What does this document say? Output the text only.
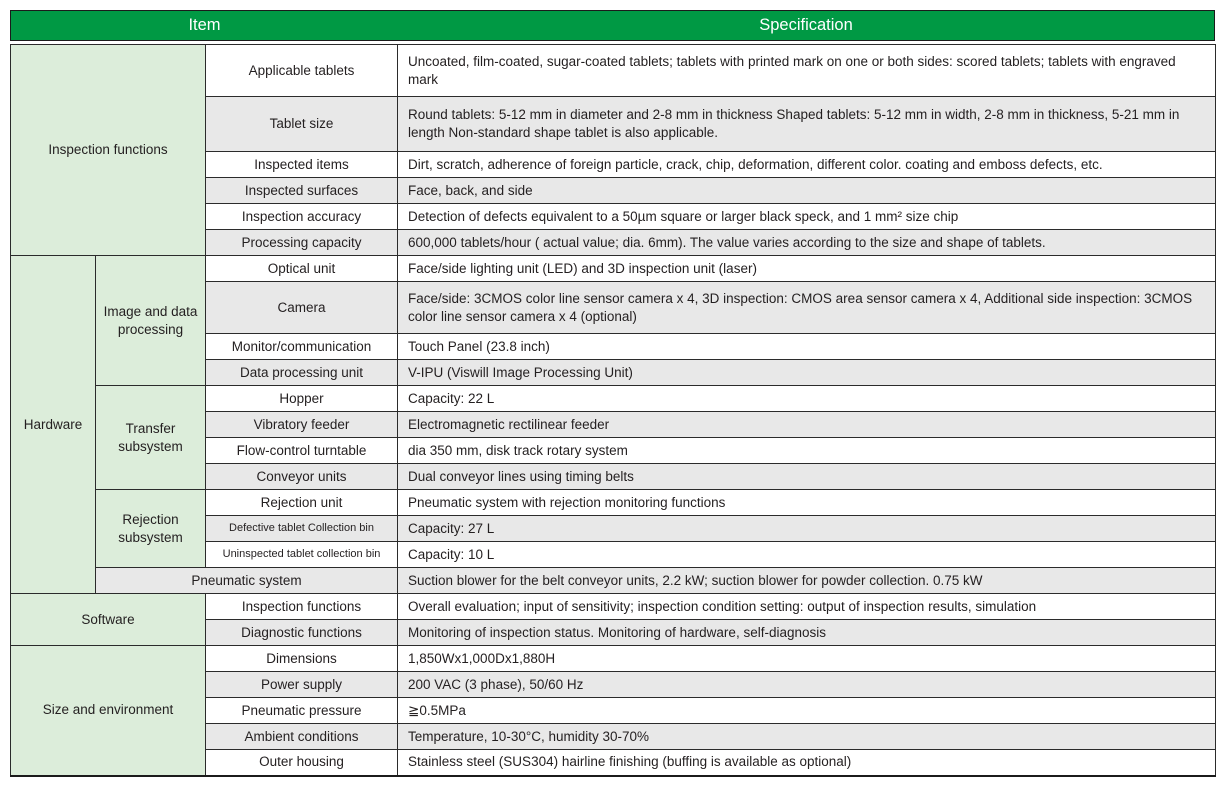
Item	Specification
Inspection functions		Applicable tablets	Uncoated, film-coated, sugar-coated tablets; tablets with printed mark on one or both sides: scored tablets; tablets with engraved mark
		Tablet size	Round tablets: 5-12 mm in diameter and 2-8 mm in thickness Shaped tablets: 5-12 mm in width, 2-8 mm in thickness, 5-21 mm in length Non-standard shape tablet is also applicable.
		Inspected items	Dirt, scratch, adherence of foreign particle, crack, chip, deformation, different color. coating and emboss defects, etc.
		Inspected surfaces	Face, back, and side
		Inspection accuracy	Detection of defects equivalent to a 50µm square or larger black speck, and 1 mm² size chip
		Processing capacity	600,000 tablets/hour ( actual value; dia. 6mm). The value varies according to the size and shape of tablets.
Hardware	Image and data processing	Optical unit	Face/side lighting unit (LED) and 3D inspection unit (laser)
		Camera	Face/side: 3CMOS color line sensor camera x 4, 3D inspection: CMOS area sensor camera x 4, Additional side inspection: 3CMOS color line sensor camera x 4 (optional)
		Monitor/communication	Touch Panel (23.8 inch)
		Data processing unit	V-IPU (Viswill Image Processing Unit)
	Transfer subsystem	Hopper	Capacity: 22 L
		Vibratory feeder	Electromagnetic rectilinear feeder
		Flow-control turntable	dia 350 mm, disk track rotary system
		Conveyor units	Dual conveyor lines using timing belts
	Rejection subsystem	Rejection unit	Pneumatic system with rejection monitoring functions
		Defective tablet Collection bin	Capacity: 27 L
		Uninspected tablet collection bin	Capacity: 10 L
	Pneumatic system		Suction blower for the belt conveyor units, 2.2 kW; suction blower for powder collection. 0.75 kW
Software		Inspection functions	Overall evaluation; input of sensitivity; inspection condition setting: output of inspection results, simulation
		Diagnostic functions	Monitoring of inspection status. Monitoring of hardware, self-diagnosis
Size and environment		Dimensions	1,850Wx1,000Dx1,880H
		Power supply	200 VAC (3 phase), 50/60 Hz
		Pneumatic pressure	≧0.5MPa
		Ambient conditions	Temperature, 10-30°C, humidity 30-70%
		Outer housing	Stainless steel (SUS304) hairline finishing (buffing is available as optional)
